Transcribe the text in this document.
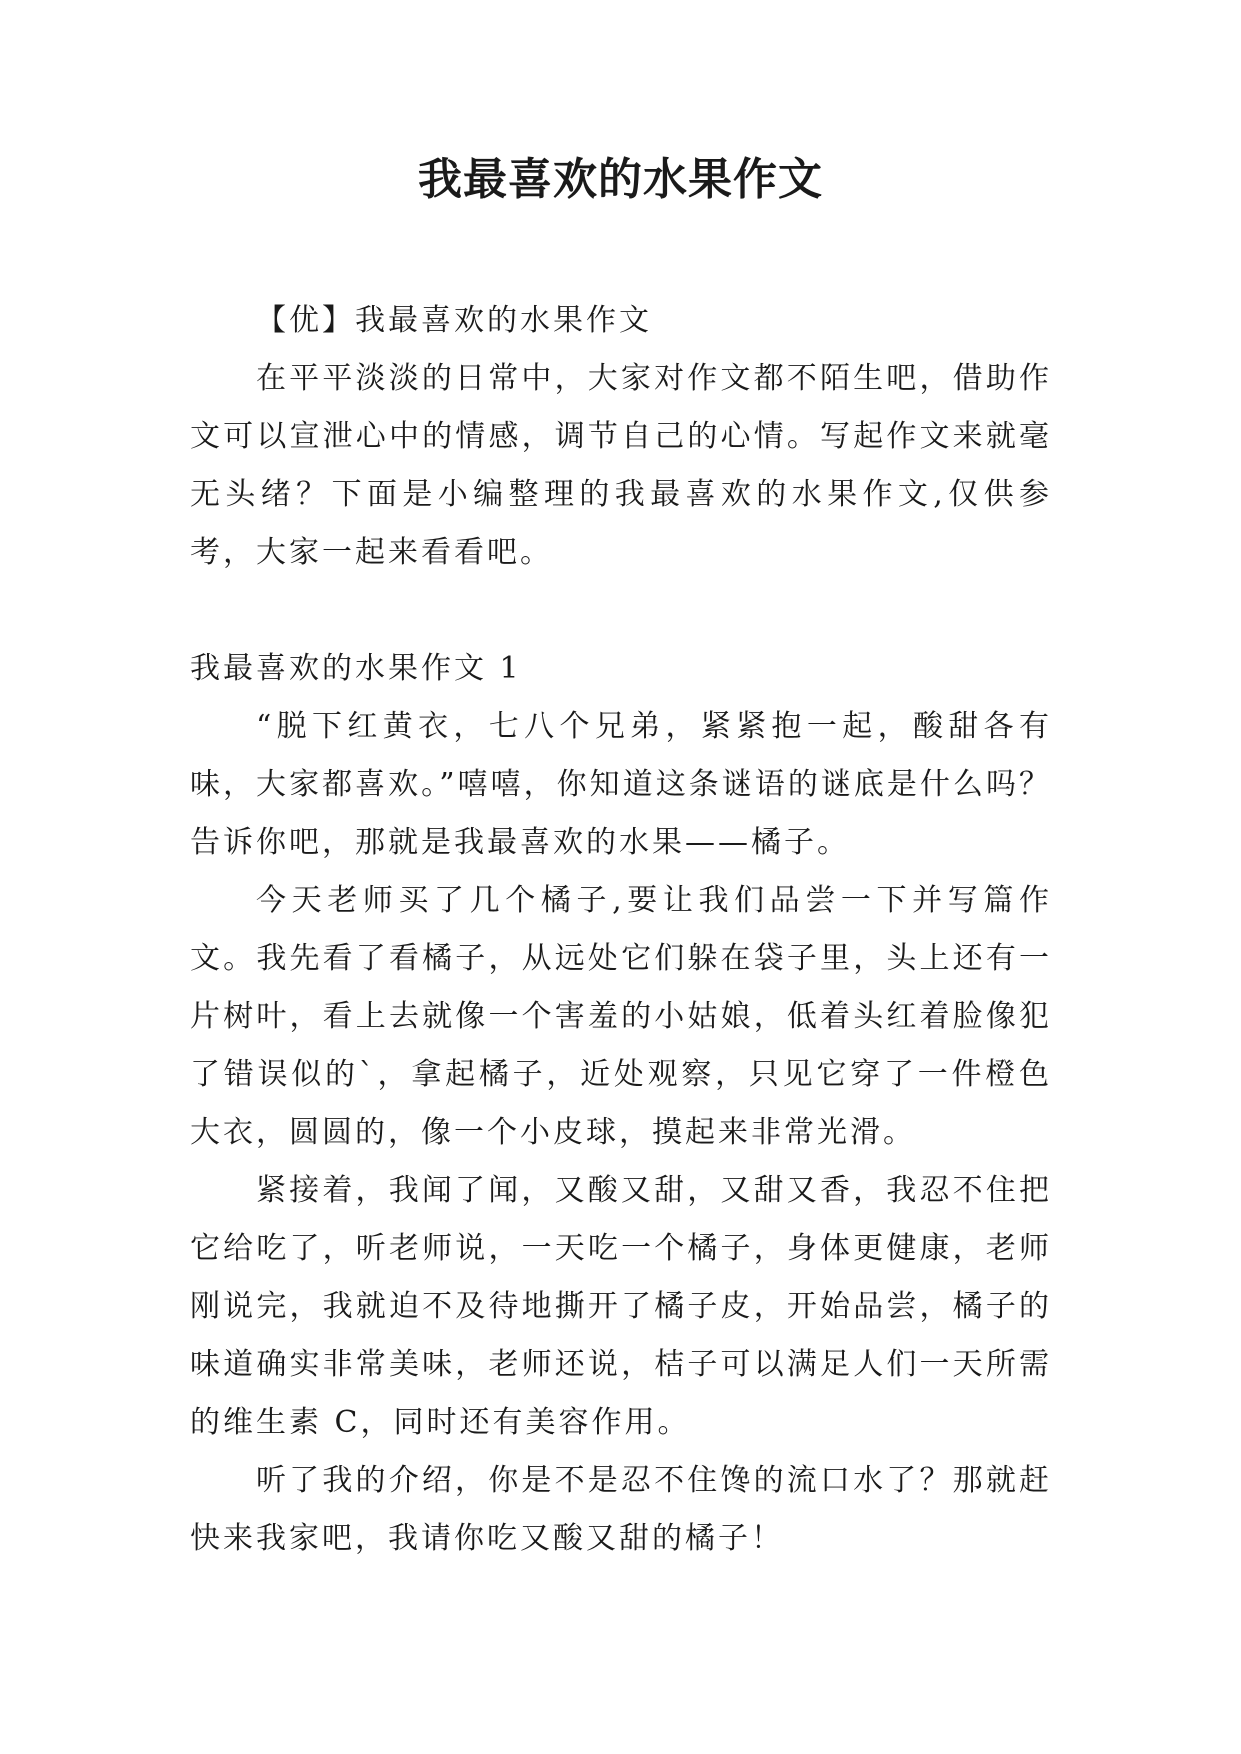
我最喜欢的水果作文

【优】我最喜欢的水果作文

在平平淡淡的日常中，大家对作文都不陌生吧，借助作文可以宣泄心中的情感，调节自己的心情。写起作文来就毫无头绪？下面是小编整理的我最喜欢的水果作文,仅供参考，大家一起来看看吧。

我最喜欢的水果作文 1

“脱下红黄衣，七八个兄弟，紧紧抱一起，酸甜各有味，大家都喜欢。”嘻嘻，你知道这条谜语的谜底是什么吗？告诉你吧，那就是我最喜欢的水果——橘子。

今天老师买了几个橘子,要让我们品尝一下并写篇作文。我先看了看橘子，从远处它们躲在袋子里，头上还有一片树叶，看上去就像一个害羞的小姑娘，低着头红着脸像犯了错误似的`，拿起橘子，近处观察，只见它穿了一件橙色大衣，圆圆的，像一个小皮球，摸起来非常光滑。

紧接着，我闻了闻，又酸又甜，又甜又香，我忍不住把它给吃了，听老师说，一天吃一个橘子，身体更健康，老师刚说完，我就迫不及待地撕开了橘子皮，开始品尝，橘子的味道确实非常美味，老师还说，桔子可以满足人们一天所需的维生素 C，同时还有美容作用。

听了我的介绍，你是不是忍不住馋的流口水了？那就赶快来我家吧，我请你吃又酸又甜的橘子！
